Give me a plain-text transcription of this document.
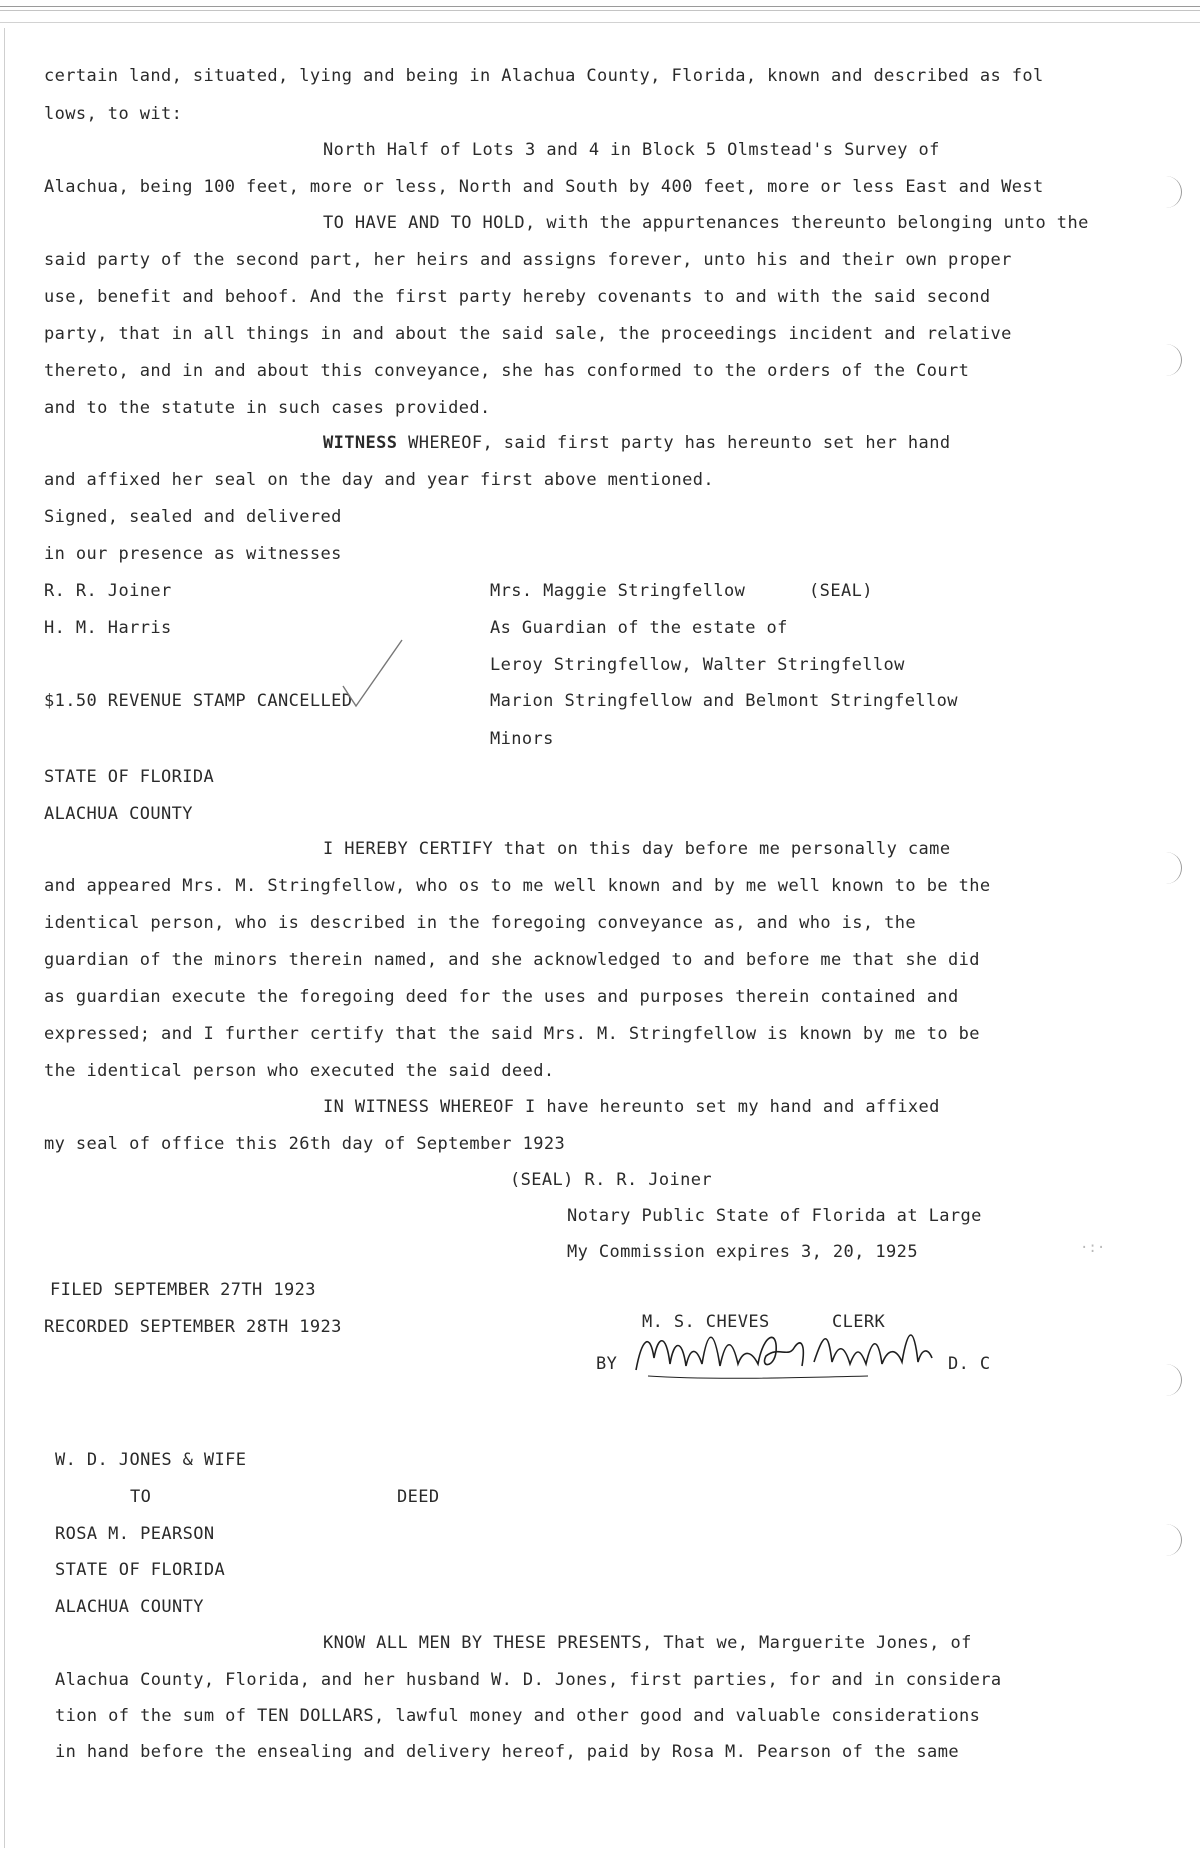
certain land, situated, lying and being in Alachua County, Florida, known and described as fol
lows, to wit:
North Half of Lots 3 and 4 in Block 5 Olmstead's Survey of
Alachua, being 100 feet, more or less, North and South by 400 feet, more or less East and West
TO HAVE AND TO HOLD, with the appurtenances thereunto belonging unto the
said party of the second part, her heirs and assigns forever, unto his and their own proper
use, benefit and behoof. And the first party hereby covenants to and with the said second
party, that in all things in and about the said sale, the proceedings incident and relative
thereto, and in and about this conveyance, she has conformed to the orders of the Court
and to the statute in such cases provided.
WITNESS WHEREOF, said first party has hereunto set her hand
and affixed her seal on the day and year first above mentioned.
Signed, sealed and delivered
in our presence as witnesses
R. R. Joiner
H. M. Harris
$1.50 REVENUE STAMP CANCELLED
Mrs. Maggie Stringfellow      (SEAL)
As Guardian of the estate of
Leroy Stringfellow, Walter Stringfellow
Marion Stringfellow and Belmont Stringfellow
Minors
STATE OF FLORIDA
ALACHUA COUNTY
I HEREBY CERTIFY that on this day before me personally came
and appeared Mrs. M. Stringfellow, who os to me well known and by me well known to be the
identical person, who is described in the foregoing conveyance as, and who is, the
guardian of the minors therein named, and she acknowledged to and before me that she did
as guardian execute the foregoing deed for the uses and purposes therein contained and
expressed; and I further certify that the said Mrs. M. Stringfellow is known by me to be
the identical person who executed the said deed.
IN WITNESS WHEREOF I have hereunto set my hand and affixed
my seal of office this 26th day of September 1923
(SEAL) R. R. Joiner
Notary Public State of Florida at Large
My Commission expires 3, 20, 1925	·:·
FILED SEPTEMBER 27TH 1923
RECORDED SEPTEMBER 28TH 1923	M. S. CHEVES	CLERK
BY	D. C
W. D. JONES & WIFE
TO	DEED
ROSA M. PEARSON
STATE OF FLORIDA
ALACHUA COUNTY
KNOW ALL MEN BY THESE PRESENTS, That we, Marguerite Jones, of
Alachua County, Florida, and her husband W. D. Jones, first parties, for and in considera
tion of the sum of TEN DOLLARS, lawful money and other good and valuable considerations
in hand before the ensealing and delivery hereof, paid by Rosa M. Pearson of the same
